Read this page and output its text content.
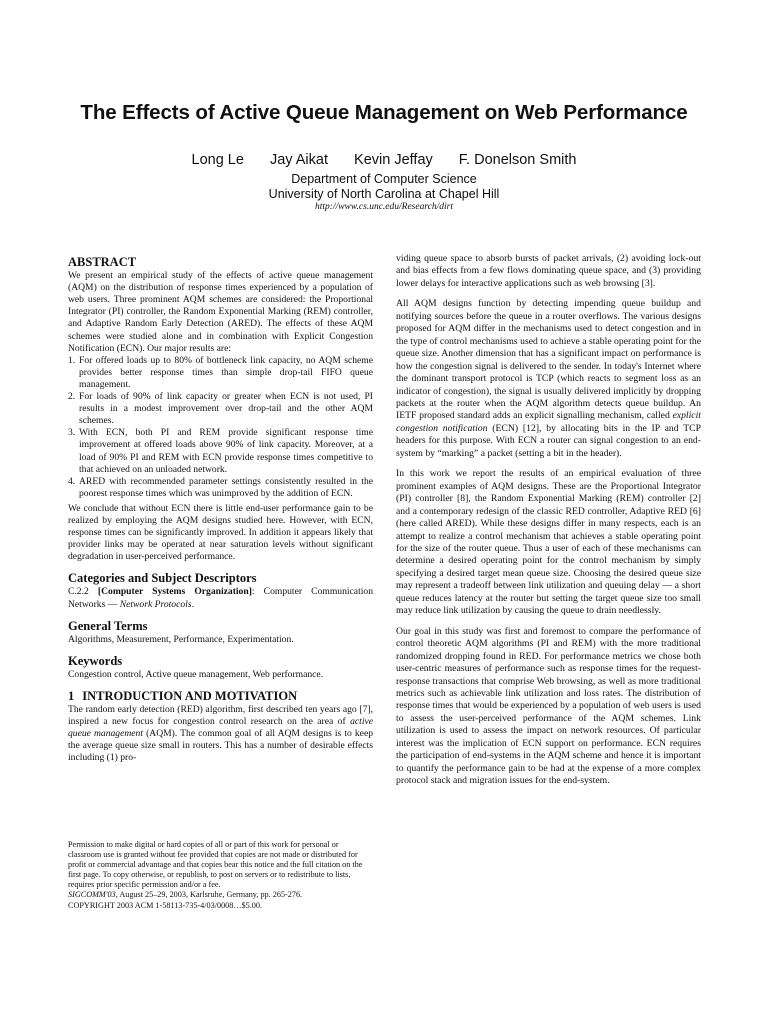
The Effects of Active Queue Management on Web Performance
Long Le Jay Aikat Kevin Jeffay F. Donelson Smith
Department of Computer Science
University of North Carolina at Chapel Hill
http://www.cs.unc.edu/Research/dirt
ABSTRACT

We present an empirical study of the effects of active queue management (AQM) on the distribution of response times experienced by a population of web users. Three prominent AQM schemes are considered: the Proportional Integrator (PI) controller, the Random Exponential Marking (REM) controller, and Adaptive Random Early Detection (ARED). The effects of these AQM schemes were studied alone and in combination with Explicit Congestion Notification (ECN). Our major results are:

1. For offered loads up to 80% of bottleneck link capacity, no AQM scheme provides better response times than simple drop-tail FIFO queue management.
2. For loads of 90% of link capacity or greater when ECN is not used, PI results in a modest improvement over drop-tail and the other AQM schemes.
3. With ECN, both PI and REM provide significant response time improvement at offered loads above 90% of link capacity. Moreover, at a load of 90% PI and REM with ECN provide response times competitive to that achieved on an unloaded network.
4. ARED with recommended parameter settings consistently resulted in the poorest response times which was unimproved by the addition of ECN.

We conclude that without ECN there is little end-user performance gain to be realized by employing the AQM designs studied here. However, with ECN, response times can be significantly improved. In addition it appears likely that provider links may be operated at near saturation levels without significant degradation in user-perceived performance.

Categories and Subject Descriptors

C.2.2 [Computer Systems Organization]: Computer Communication Networks — Network Protocols.

General Terms

Algorithms, Measurement, Performance, Experimentation.

Keywords

Congestion control, Active queue management, Web performance.

1 INTRODUCTION AND MOTIVATION

The random early detection (RED) algorithm, first described ten years ago [7], inspired a new focus for congestion control research on the area of active queue management (AQM). The common goal of all AQM designs is to keep the average queue size small in routers. This has a number of desirable effects including (1) pro-

Permission to make digital or hard copies of all or part of this work for personal or classroom use is granted without fee provided that copies are not made or distributed for profit or commercial advantage and that copies bear this notice and the full citation on the first page. To copy otherwise, or republish, to post on servers or to redistribute to lists, requires prior specific permission and/or a fee.
SIGCOMM'03, August 25–29, 2003, Karlsruhe, Germany, pp. 265-276.
COPYRIGHT 2003 ACM 1-58113-735-4/03/0008…$5.00.

viding queue space to absorb bursts of packet arrivals, (2) avoiding lock-out and bias effects from a few flows dominating queue space, and (3) providing lower delays for interactive applications such as web browsing [3].

All AQM designs function by detecting impending queue buildup and notifying sources before the queue in a router overflows. The various designs proposed for AQM differ in the mechanisms used to detect congestion and in the type of control mechanisms used to achieve a stable operating point for the queue size. Another dimension that has a significant impact on performance is how the congestion signal is delivered to the sender. In today's Internet where the dominant transport protocol is TCP (which reacts to segment loss as an indicator of congestion), the signal is usually delivered implicitly by dropping packets at the router when the AQM algorithm detects queue buildup. An IETF proposed standard adds an explicit signalling mechanism, called explicit congestion notification (ECN) [12], by allocating bits in the IP and TCP headers for this purpose. With ECN a router can signal congestion to an end-system by “marking” a packet (setting a bit in the header).

In this work we report the results of an empirical evaluation of three prominent examples of AQM designs. These are the Proportional Integrator (PI) controller [8], the Random Exponential Marking (REM) controller [2] and a contemporary redesign of the classic RED controller, Adaptive RED [6] (here called ARED). While these designs differ in many respects, each is an attempt to realize a control mechanism that achieves a stable operating point for the size of the router queue. Thus a user of each of these mechanisms can determine a desired operating point for the control mechanism by simply specifying a desired target mean queue size. Choosing the desired queue size may represent a tradeoff between link utilization and queuing delay — a short queue reduces latency at the router but setting the target queue size too small may reduce link utilization by causing the queue to drain needlessly.

Our goal in this study was first and foremost to compare the performance of control theoretic AQM algorithms (PI and REM) with the more traditional randomized dropping found in RED. For performance metrics we chose both user-centric measures of performance such as response times for the request-response transactions that comprise Web browsing, as well as more traditional metrics such as achievable link utilization and loss rates. The distribution of response times that would be experienced by a population of web users is used to assess the user-perceived performance of the AQM schemes. Link utilization is used to assess the impact on network resources. Of particular interest was the implication of ECN support on performance. ECN requires the participation of end-systems in the AQM scheme and hence it is important to quantify the performance gain to be had at the expense of a more complex protocol stack and migration issues for the end-system.
